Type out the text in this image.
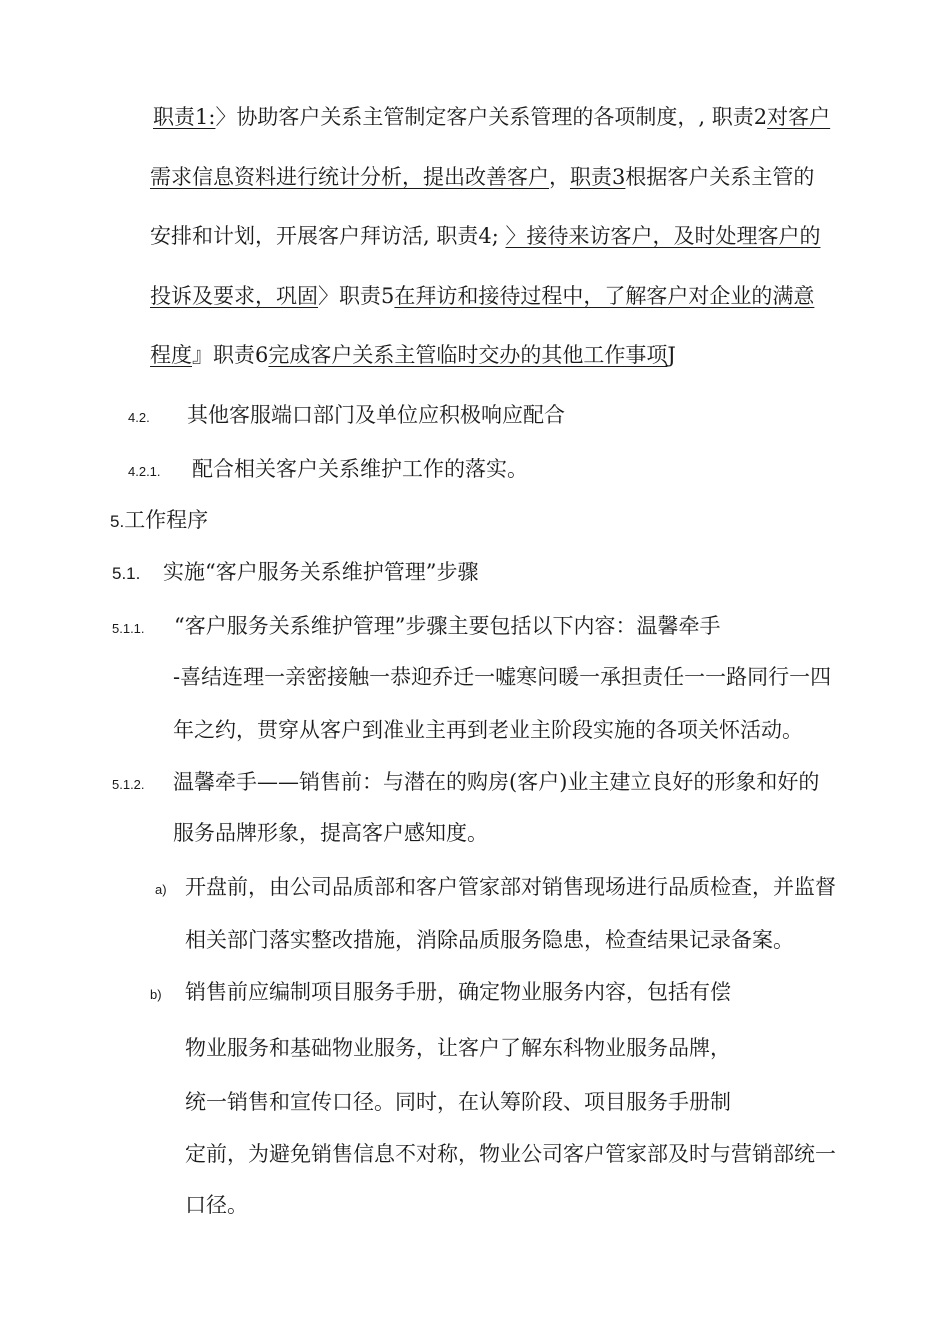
职责1:〉协助客户关系主管制定客户关系管理的各项制度，, 职责2对客户
需求信息资料进行统计分析，提出改善客户，职责3根据客户关系主管的
安排和计划，开展客户拜访活, 职责4; 〉接待来访客户，及时处理客户的
投诉及要求，巩固〉职责5在拜访和接待过程中，了解客户对企业的满意
程度』职责6完成客户关系主管临时交办的其他工作事项J
4.2. 其他客服端口部门及单位应积极响应配合
4.2.1. 配合相关客户关系维护工作的落实。
5.工作程序
5.1. 实施“客户服务关系维护管理”步骤
5.1.1. “客户服务关系维护管理”步骤主要包括以下内容：温馨牵手
-喜结连理一亲密接触一恭迎乔迁一嘘寒问暖一承担责任一一路同行一四
年之约，贯穿从客户到准业主再到老业主阶段实施的各项关怀活动。
5.1.2. 温馨牵手——销售前：与潜在的购房(客户)业主建立良好的形象和好的
服务品牌形象，提高客户感知度。
a) 开盘前，由公司品质部和客户管家部对销售现场进行品质检查，并监督
相关部门落实整改措施，消除品质服务隐患，检查结果记录备案。
b) 销售前应编制项目服务手册，确定物业服务内容，包括有偿
物业服务和基础物业服务，让客户了解东科物业服务品牌，
统一销售和宣传口径。同时，在认筹阶段、项目服务手册制
定前，为避免销售信息不对称，物业公司客户管家部及时与营销部统一
口径。
